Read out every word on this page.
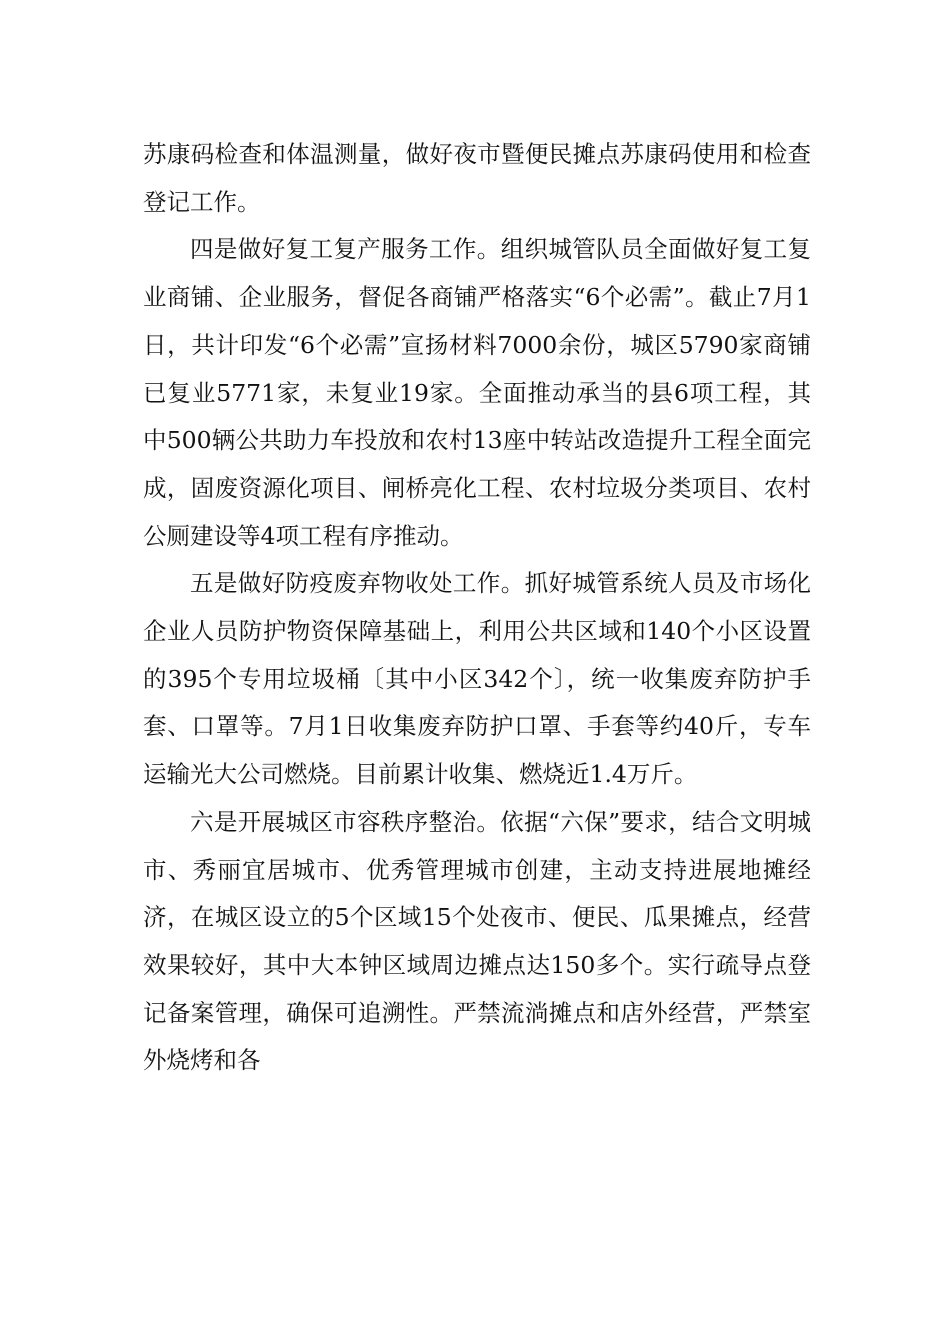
苏康码检查和体温测量，做好夜市暨便民摊点苏康码使用和检查登记工作。

四是做好复工复产服务工作。组织城管队员全面做好复工复业商铺、企业服务，督促各商铺严格落实“6个必需”。截止7月1日，共计印发“6个必需”宣扬材料7000余份，城区5790家商铺已复业5771家，未复业19家。全面推动承当的县6项工程，其中500辆公共助力车投放和农村13座中转站改造提升工程全面完成，固废资源化项目、闸桥亮化工程、农村垃圾分类项目、农村公厕建设等4项工程有序推动。

五是做好防疫废弃物收处工作。抓好城管系统人员及市场化企业人员防护物资保障基础上，利用公共区域和140个小区设置的395个专用垃圾桶〔其中小区342个〕，统一收集废弃防护手套、口罩等。7月1日收集废弃防护口罩、手套等约40斤，专车运输光大公司燃烧。目前累计收集、燃烧近1.4万斤。

六是开展城区市容秩序整治。依据“六保”要求，结合文明城市、秀丽宜居城市、优秀管理城市创建，主动支持进展地摊经济，在城区设立的5个区域15个处夜市、便民、瓜果摊点，经营效果较好，其中大本钟区域周边摊点达150多个。实行疏导点登记备案管理，确保可追溯性。严禁流淌摊点和店外经营，严禁室外烧烤和各
